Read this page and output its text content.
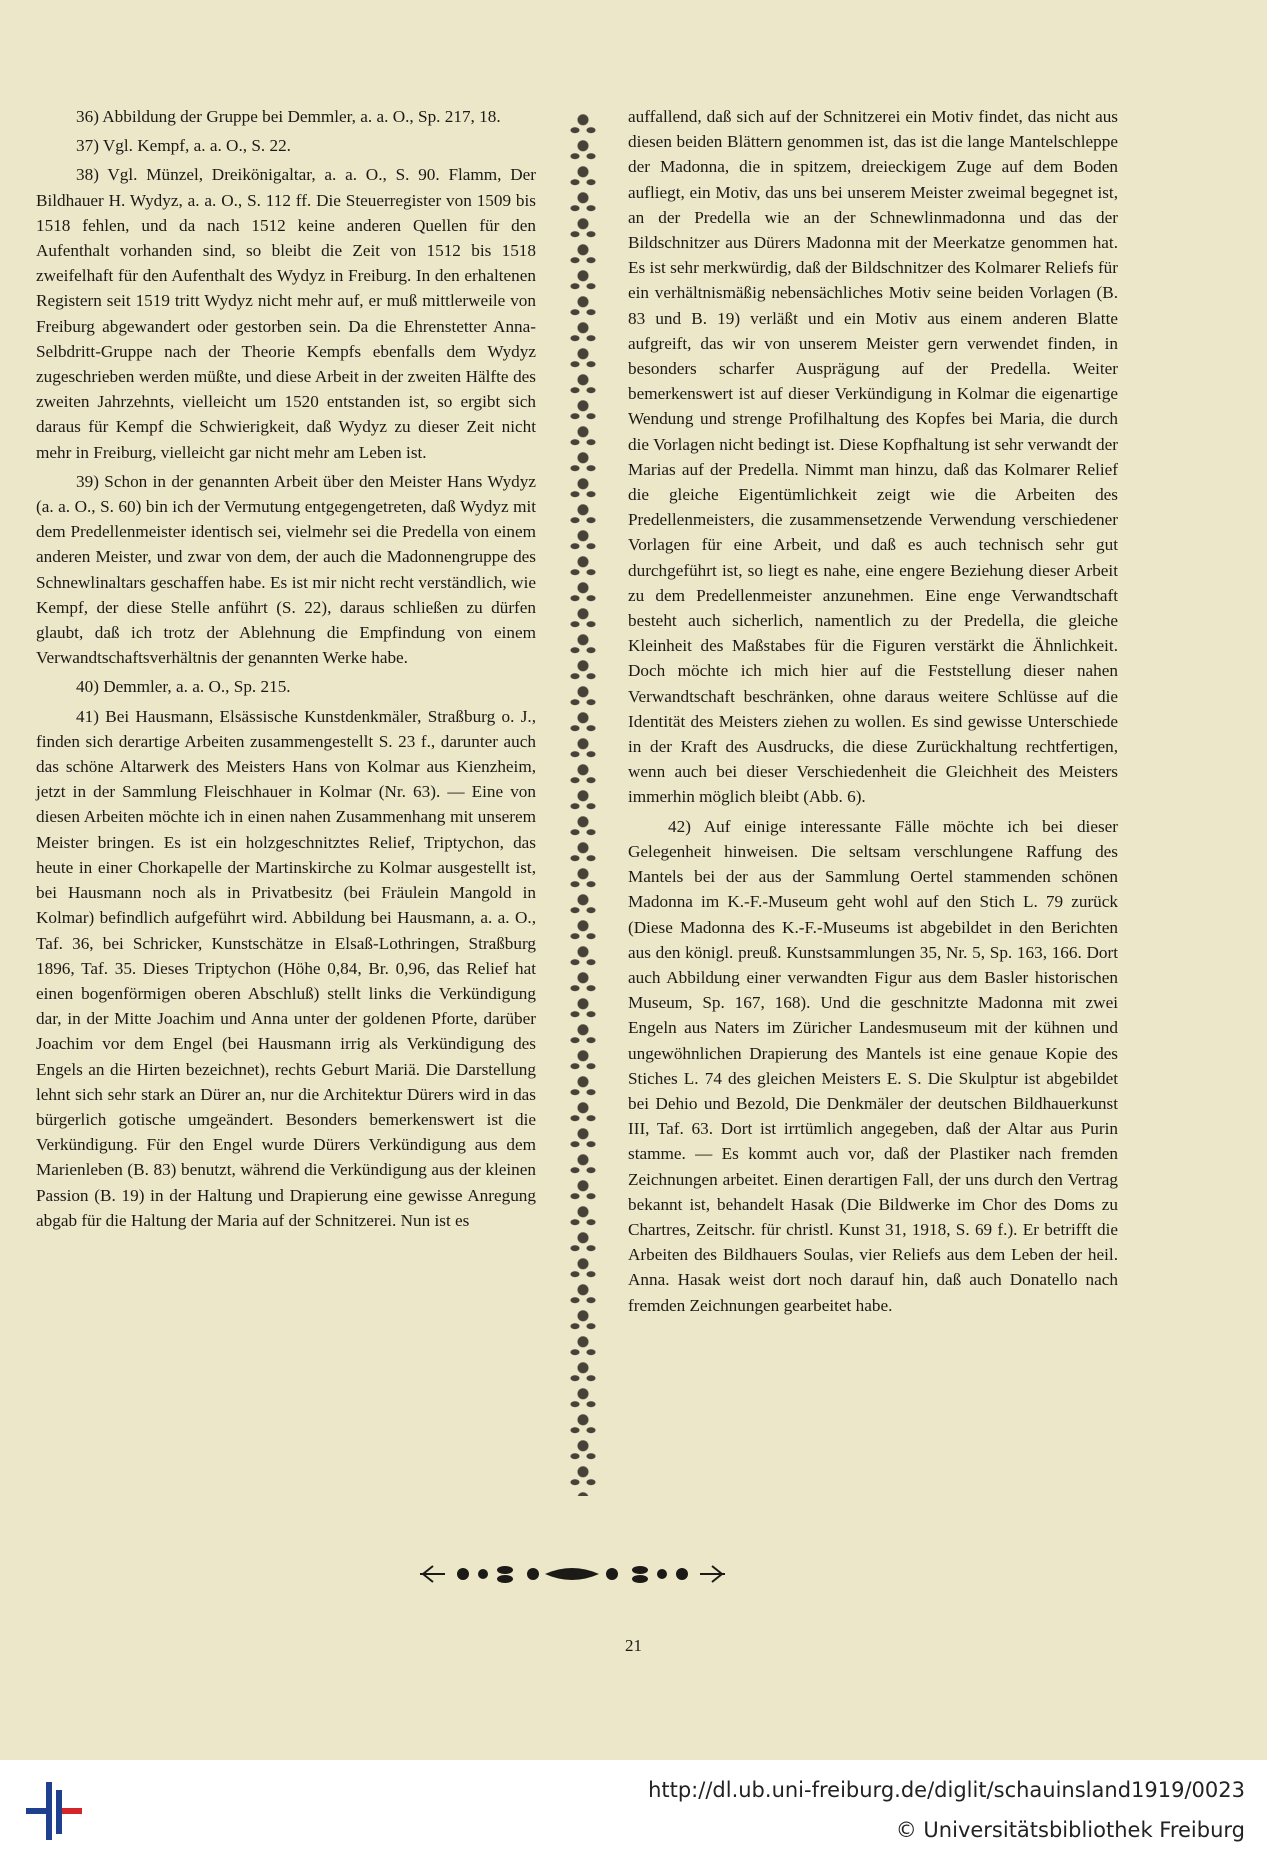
36) Abbildung der Gruppe bei Demmler, a. a. O., Sp. 217, 18.

37) Vgl. Kempf, a. a. O., S. 22.

38) Vgl. Münzel, Dreikönigaltar, a. a. O., S. 90. Flamm, Der Bildhauer H. Wydyz, a. a. O., S. 112 ff. Die Steuerregister von 1509 bis 1518 fehlen, und da nach 1512 keine anderen Quellen für den Aufenthalt vorhanden sind, so bleibt die Zeit von 1512 bis 1518 zweifelhaft für den Aufenthalt des Wydyz in Freiburg. In den erhaltenen Registern seit 1519 tritt Wydyz nicht mehr auf, er muß mittlerweile von Freiburg abgewandert oder gestorben sein. Da die Ehrenstetter Anna-Selbdritt-Gruppe nach der Theorie Kempfs ebenfalls dem Wydyz zugeschrieben werden müßte, und diese Arbeit in der zweiten Hälfte des zweiten Jahrzehnts, vielleicht um 1520 entstanden ist, so ergibt sich daraus für Kempf die Schwierigkeit, daß Wydyz zu dieser Zeit nicht mehr in Freiburg, vielleicht gar nicht mehr am Leben ist.

39) Schon in der genannten Arbeit über den Meister Hans Wydyz (a. a. O., S. 60) bin ich der Vermutung entgegengetreten, daß Wydyz mit dem Predellenmeister identisch sei, vielmehr sei die Predella von einem anderen Meister, und zwar von dem, der auch die Madonnengruppe des Schnewlinaltars geschaffen habe. Es ist mir nicht recht verständlich, wie Kempf, der diese Stelle anführt (S. 22), daraus schließen zu dürfen glaubt, daß ich trotz der Ablehnung die Empfindung von einem Verwandtschaftsverhältnis der genannten Werke habe.

40) Demmler, a. a. O., Sp. 215.

41) Bei Hausmann, Elsässische Kunstdenkmäler, Straßburg o. J., finden sich derartige Arbeiten zusammengestellt S. 23 f., darunter auch das schöne Altarwerk des Meisters Hans von Kolmar aus Kienzheim, jetzt in der Sammlung Fleischhauer in Kolmar (Nr. 63). — Eine von diesen Arbeiten möchte ich in einen nahen Zusammenhang mit unserem Meister bringen. Es ist ein holzgeschnitztes Relief, Triptychon, das heute in einer Chorkapelle der Martinskirche zu Kolmar ausgestellt ist, bei Hausmann noch als in Privatbesitz (bei Fräulein Mangold in Kolmar) befindlich aufgeführt wird. Abbildung bei Hausmann, a. a. O., Taf. 36, bei Schricker, Kunstschätze in Elsaß-Lothringen, Straßburg 1896, Taf. 35. Dieses Triptychon (Höhe 0,84, Br. 0,96, das Relief hat einen bogenförmigen oberen Abschluß) stellt links die Verkündigung dar, in der Mitte Joachim und Anna unter der goldenen Pforte, darüber Joachim vor dem Engel (bei Hausmann irrig als Verkündigung des Engels an die Hirten bezeichnet), rechts Geburt Mariä. Die Darstellung lehnt sich sehr stark an Dürer an, nur die Architektur Dürers wird in das bürgerlich gotische umgeändert. Besonders bemerkenswert ist die Verkündigung. Für den Engel wurde Dürers Verkündigung aus dem Marienleben (B. 83) benutzt, während die Verkündigung aus der kleinen Passion (B. 19) in der Haltung und Drapierung eine gewisse Anregung abgab für die Haltung der Maria auf der Schnitzerei. Nun ist es

auffallend, daß sich auf der Schnitzerei ein Motiv findet, das nicht aus diesen beiden Blättern genommen ist, das ist die lange Mantelschleppe der Madonna, die in spitzem, dreieckigem Zuge auf dem Boden aufliegt, ein Motiv, das uns bei unserem Meister zweimal begegnet ist, an der Predella wie an der Schnewlinmadonna und das der Bildschnitzer aus Dürers Madonna mit der Meerkatze genommen hat. Es ist sehr merkwürdig, daß der Bildschnitzer des Kolmarer Reliefs für ein verhältnismäßig nebensächliches Motiv seine beiden Vorlagen (B. 83 und B. 19) verläßt und ein Motiv aus einem anderen Blatte aufgreift, das wir von unserem Meister gern verwendet finden, in besonders scharfer Ausprägung auf der Predella. Weiter bemerkenswert ist auf dieser Verkündigung in Kolmar die eigenartige Wendung und strenge Profilhaltung des Kopfes bei Maria, die durch die Vorlagen nicht bedingt ist. Diese Kopfhaltung ist sehr verwandt der Marias auf der Predella. Nimmt man hinzu, daß das Kolmarer Relief die gleiche Eigentümlichkeit zeigt wie die Arbeiten des Predellenmeisters, die zusammensetzende Verwendung verschiedener Vorlagen für eine Arbeit, und daß es auch technisch sehr gut durchgeführt ist, so liegt es nahe, eine engere Beziehung dieser Arbeit zu dem Predellenmeister anzunehmen. Eine enge Verwandtschaft besteht auch sicherlich, namentlich zu der Predella, die gleiche Kleinheit des Maßstabes für die Figuren verstärkt die Ähnlichkeit. Doch möchte ich mich hier auf die Feststellung dieser nahen Verwandtschaft beschränken, ohne daraus weitere Schlüsse auf die Identität des Meisters ziehen zu wollen. Es sind gewisse Unterschiede in der Kraft des Ausdrucks, die diese Zurückhaltung rechtfertigen, wenn auch bei dieser Verschiedenheit die Gleichheit des Meisters immerhin möglich bleibt (Abb. 6).

42) Auf einige interessante Fälle möchte ich bei dieser Gelegenheit hinweisen. Die seltsam verschlungene Raffung des Mantels bei der aus der Sammlung Oertel stammenden schönen Madonna im K.-F.-Museum geht wohl auf den Stich L. 79 zurück (Diese Madonna des K.-F.-Museums ist abgebildet in den Berichten aus den königl. preuß. Kunstsammlungen 35, Nr. 5, Sp. 163, 166. Dort auch Abbildung einer verwandten Figur aus dem Basler historischen Museum, Sp. 167, 168). Und die geschnitzte Madonna mit zwei Engeln aus Naters im Züricher Landesmuseum mit der kühnen und ungewöhnlichen Drapierung des Mantels ist eine genaue Kopie des Stiches L. 74 des gleichen Meisters E. S. Die Skulptur ist abgebildet bei Dehio und Bezold, Die Denkmäler der deutschen Bildhauerkunst III, Taf. 63. Dort ist irrtümlich angegeben, daß der Altar aus Purin stamme. — Es kommt auch vor, daß der Plastiker nach fremden Zeichnungen arbeitet. Einen derartigen Fall, der uns durch den Vertrag bekannt ist, behandelt Hasak (Die Bildwerke im Chor des Doms zu Chartres, Zeitschr. für christl. Kunst 31, 1918, S. 69 f.). Er betrifft die Arbeiten des Bildhauers Soulas, vier Reliefs aus dem Leben der heil. Anna. Hasak weist dort noch darauf hin, daß auch Donatello nach fremden Zeichnungen gearbeitet habe.

21
http://dl.ub.uni-freiburg.de/diglit/schauinsland1919/0023
© Universitätsbibliothek Freiburg
